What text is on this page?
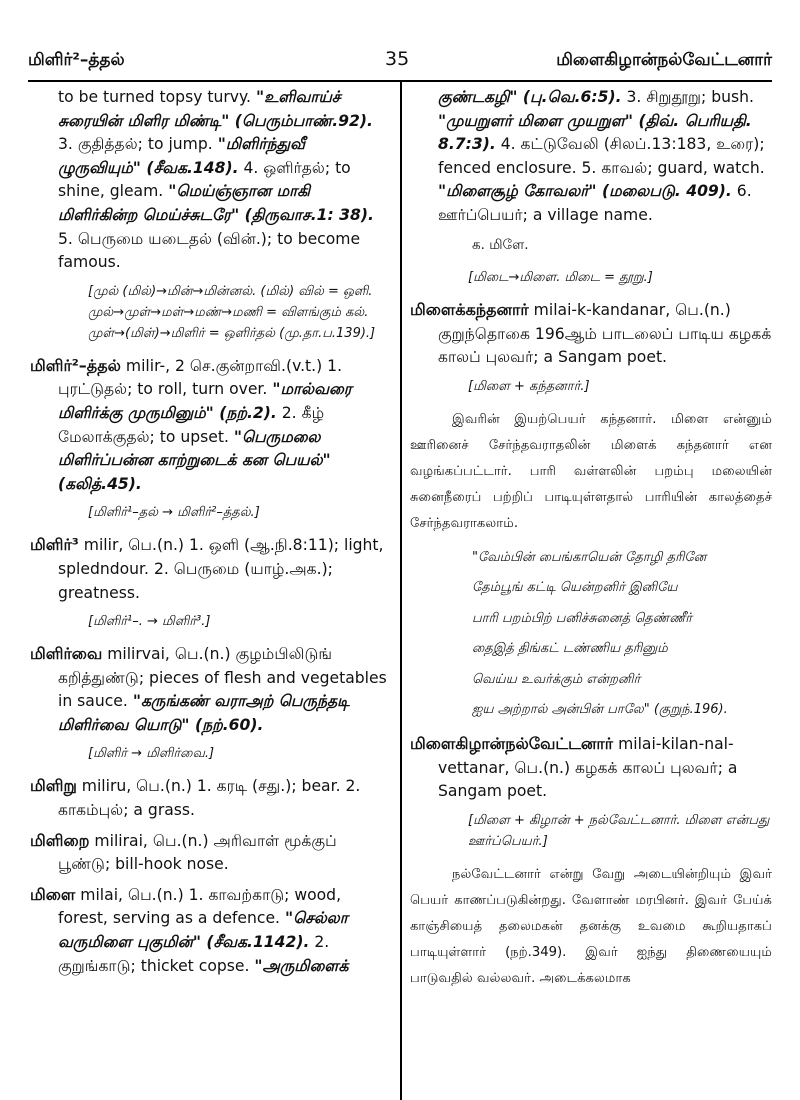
மிளிர்²–த்தல்	35	மிளைகிழான்நல்வேட்டனார்

to be turned topsy turvy. "உளிவாய்ச் சுரையின் மிளிர மிண்டி" (பெரும்பாண்.92). 3. குதித்தல்; to jump. "மிளிர்ந்துவீ ழுருவியும்" (சீவக.148). 4. ஒளிர்தல்; to shine, gleam. "மெய்ஞ்ஞான மாகி மிளிர்கின்ற மெய்ச்சுடரே" (திருவாச.1: 38). 5. பெருமை யடைதல் (வின்.); to become famous.

[முல் (மில்)→மின்→மின்னல். (மில்) வில் = ஒளி. முல்→முள்→மள்→மண்→மணி = விளங்கும் கல். முள்→(மிள்)→மிளிர் = ஒளிர்தல் (மு.தா.ப.139).]

மிளிர்²–த்தல் milir-, 2 செ.குன்றாவி.(v.t.) 1. புரட்டுதல்; to roll, turn over. "மால்வரை மிளிர்க்கு முருமினும்" (நற்.2). 2. கீழ் மேலாக்குதல்; to upset. "பெருமலை மிளிர்ப்பன்ன காற்றுடைக் கன பெயல்" (கலித்.45).

[மிளிர்¹–தல் → மிளிர்²–த்தல்.]

மிளிர்³ milir, பெ.(n.) 1. ஒளி (ஆ.நி.8:11); light, spledndour. 2. பெருமை (யாழ்.அக.); greatness.

[மிளிர்¹–. → மிளிர்³.]

மிளிர்வை milirvai, பெ.(n.) குழம்பிலிடுங் கறித்துண்டு; pieces of flesh and vegetables in sauce. "கருங்கண் வராஅற் பெருந்தடி மிளிர்வை யொடு" (நற்.60).

[மிளிர் → மிளிர்வை.]

மிளிறு miliru, பெ.(n.) 1. கரடி (சது.); bear. 2. காகம்புல்; a grass.

மிளிறை milirai, பெ.(n.) அரிவாள் மூக்குப் பூண்டு; bill-hook nose.

மிளை milai, பெ.(n.) 1. காவற்காடு; wood, forest, serving as a defence. "செல்லா வருமிளை புகுமின்" (சீவக.1142). 2. குறுங்காடு; thicket copse. "அருமிளைக்

குண்டகழி" (பு.வெ.6:5). 3. சிறுதூறு; bush. "முயறுளர் மிளை முயறுள" (திவ். பெரியதி. 8.7:3). 4. கட்டுவேலி (சிலப்.13:183, உரை); fenced enclosure. 5. காவல்; guard, watch. "மிளைசூழ் கோவலர்" (மலைபடு. 409). 6. ஊர்ப்பெயர்; a village name.

க. மிளே.

[மிடை→மிளை. மிடை = தூறு.]

மிளைக்கந்தனார் milai-k-kandanar, பெ.(n.) குறுந்தொகை 196ஆம் பாடலைப் பாடிய கழகக் காலப் புலவர்; a Sangam poet.

[மிளை + கந்தனார்.]

இவரின் இயற்பெயர் கந்தனார். மிளை என்னும் ஊரினைச் சேர்ந்தவராதலின் மிளைக் கந்தனார் என வழங்கப்பட்டார். பாரி வள்ளலின் பறம்பு மலையின் சுனைநீரைப் பற்றிப் பாடியுள்ளதால் பாரியின் காலத்தைச் சேர்ந்தவராகலாம்.

"வேம்பின் பைங்காயென் தோழி தரினே
தேம்பூங் கட்டி யென்றனிர் இனியே
பாரி பறம்பிற் பனிச்சுனைத் தெண்ணீர்
தைஇத் திங்கட் டண்ணிய தரினும்
வெய்ய உவர்க்கும் என்றனிர்
ஐய அற்றால் அன்பின் பாலே" (குறுந்.196).

மிளைகிழான்நல்வேட்டனார் milai-kilan-nal-vettanar, பெ.(n.) கழகக் காலப் புலவர்; a Sangam poet.

[மிளை + கிழான் + நல்வேட்டனார். மிளை என்பது ஊர்ப்பெயர்.]

நல்வேட்டனார் என்று வேறு அடையின்றியும் இவர் பெயர் காணப்படுகின்றது. வேளாண் மரபினர். இவர் பேய்க் காஞ்சியைத் தலைமகன் தனக்கு உவமை கூறியதாகப் பாடியுள்ளார் (நற்.349). இவர் ஐந்து திணையையும் பாடுவதில் வல்லவர். அடைக்கலமாக
